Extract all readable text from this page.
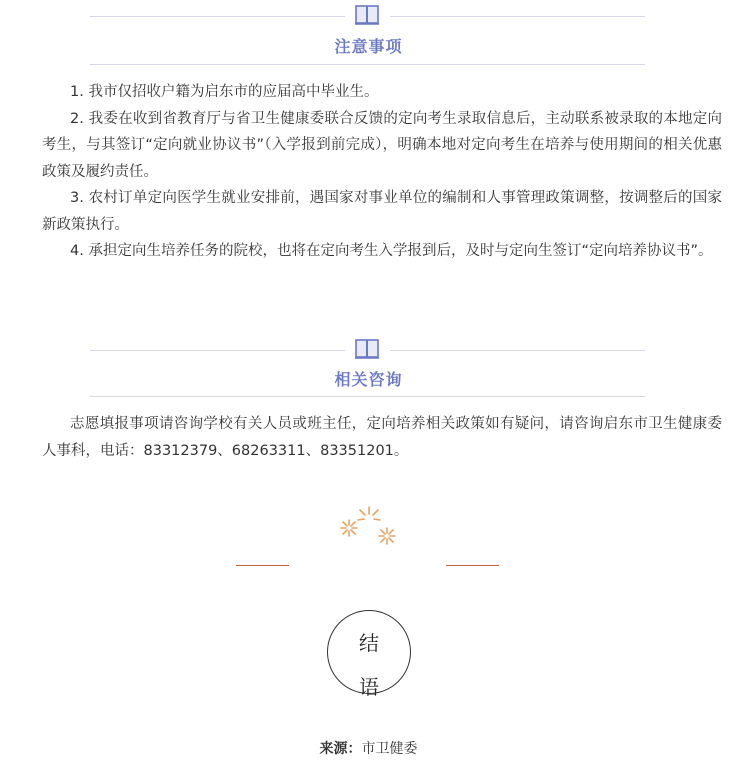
注意事项

1. 我市仅招收户籍为启东市的应届高中毕业生。

2. 我委在收到省教育厅与省卫生健康委联合反馈的定向考生录取信息后，主动联系被录取的本地定向考生，与其签订“定向就业协议书”（入学报到前完成），明确本地对定向考生在培养与使用期间的相关优惠政策及履约责任。

3. 农村订单定向医学生就业安排前，遇国家对事业单位的编制和人事管理政策调整，按调整后的国家新政策执行。

4. 承担定向生培养任务的院校，也将在定向考生入学报到后，及时与定向生签订“定向培养协议书”。

相关咨询

志愿填报事项请咨询学校有关人员或班主任，定向培养相关政策如有疑问，请咨询启东市卫生健康委人事科，电话：83312379、68263311、83351201。

结
语
来源：市卫健委
